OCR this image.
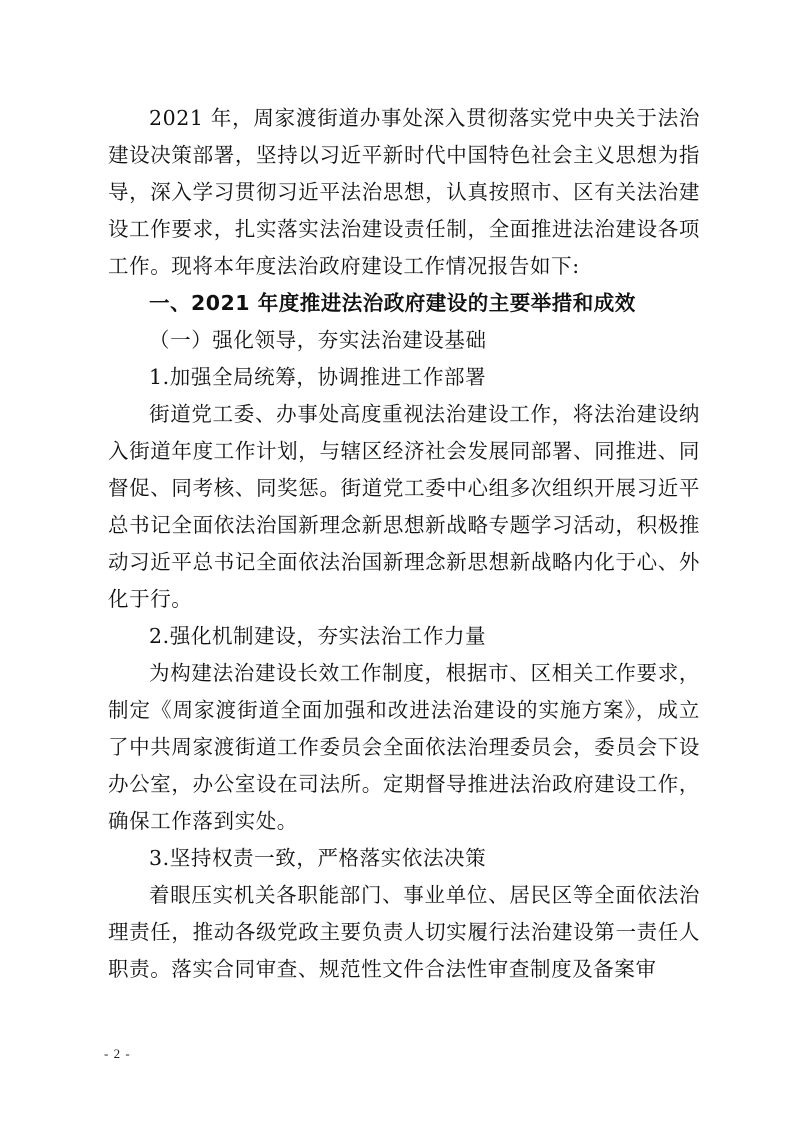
2021 年，周家渡街道办事处深入贯彻落实党中央关于法治建设决策部署，坚持以习近平新时代中国特色社会主义思想为指导，深入学习贯彻习近平法治思想，认真按照市、区有关法治建设工作要求，扎实落实法治建设责任制，全面推进法治建设各项工作。现将本年度法治政府建设工作情况报告如下:

一、2021 年度推进法治政府建设的主要举措和成效

（一）强化领导，夯实法治建设基础

1.加强全局统筹，协调推进工作部署

街道党工委、办事处高度重视法治建设工作，将法治建设纳入街道年度工作计划，与辖区经济社会发展同部署、同推进、同督促、同考核、同奖惩。街道党工委中心组多次组织开展习近平总书记全面依法治国新理念新思想新战略专题学习活动，积极推动习近平总书记全面依法治国新理念新思想新战略内化于心、外化于行。

2.强化机制建设，夯实法治工作力量

为构建法治建设长效工作制度，根据市、区相关工作要求，制定《周家渡街道全面加强和改进法治建设的实施方案》，成立了中共周家渡街道工作委员会全面依法治理委员会，委员会下设办公室，办公室设在司法所。定期督导推进法治政府建设工作，确保工作落到实处。

3.坚持权责一致，严格落实依法决策

着眼压实机关各职能部门、事业单位、居民区等全面依法治理责任，推动各级党政主要负责人切实履行法治建设第一责任人职责。落实合同审查、规范性文件合法性审查制度及备案审

- 2 -
